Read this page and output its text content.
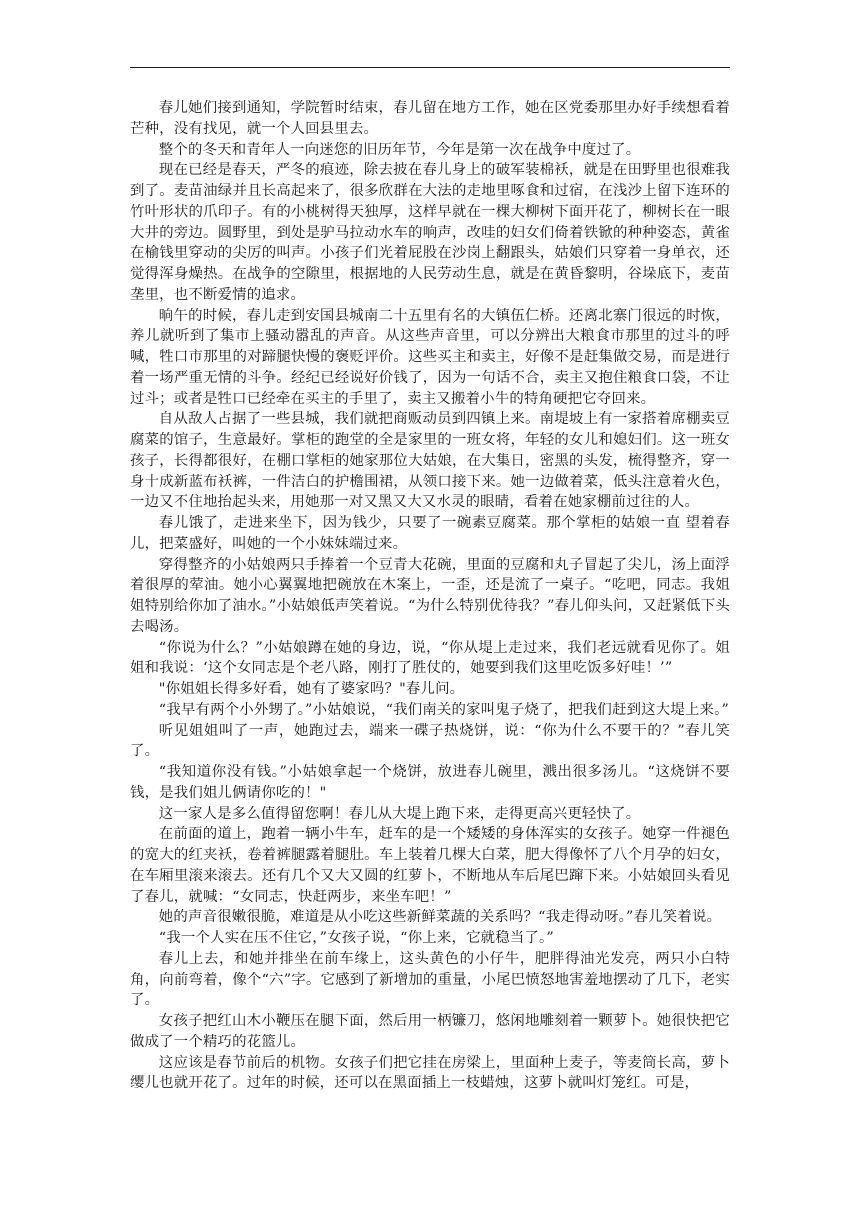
春儿她们接到通知，学院暂时结束，春儿留在地方工作，她在区党委那里办好手续想看着芒种，没有找见，就一个人回县里去。

整个的冬天和青年人一向迷您的旧历年节，今年是第一次在战争中度过了。

现在已经是春天，严冬的痕迹，除去披在春儿身上的破军装棉袄，就是在田野里也很难我到了。麦苗油绿并且长高起来了，很多欣群在大法的走地里啄食和过宿，在浅沙上留下连环的竹叶形状的爪印子。有的小桃树得天独厚，这样早就在一棵大柳树下面开花了，柳树长在一眼大井的旁边。圆野里，到处是驴马拉动水车的响声，改哇的妇女们倚着铁锨的种种姿态，黄雀在榆钱里穿动的尖厉的叫声。小孩子们光着屁股在沙岗上翻跟头，姑娘们只穿着一身单衣，还觉得浑身燥热。在战争的空隙里，根据地的人民劳动生息，就是在黄昏黎明，谷垛底下，麦苗垄里，也不断爱情的追求。

晌午的时候，春儿走到安国县城南二十五里有名的大镇伍仁桥。还离北寨门很远的时恢，养儿就听到了集市上骚动嚣乱的声音。从这些声音里，可以分辨出大粮食市那里的过斗的呼喊，牲口市那里的对蹄腿快慢的褒贬评价。这些买主和卖主，好像不是赶集做交易，而是进行着一场严重无情的斗争。经纪已经说好价钱了，因为一句话不合，卖主又抱住粮食口袋，不让过斗；或者是牲口已经牵在买主的手里了，卖主又搬着小牛的特角硬把它夺回来。

自从敌人占据了一些县城，我们就把商贩动员到四镇上来。南堤坡上有一家搭着席棚卖豆腐菜的馆子，生意最好。掌柜的跑堂的全是家里的一班女将，年轻的女儿和媳妇们。这一班女孩子，长得都很好，在棚口掌柜的她家那位大姑娘，在大集日，密黑的头发，梳得整齐，穿一身十成新蓝布袄裤，一件洁白的护檐围裙，从领口接下来。她一边做着菜，低头注意着火色，一边又不住地抬起头来，用她那一对又黑又大又水灵的眼睛，看着在她家棚前过往的人。

春儿饿了，走进来坐下，因为钱少，只要了一碗素豆腐菜。那个掌柜的姑娘一直 望着春儿，把菜盛好，叫她的一个小妹妹端过来。

穿得整齐的小姑娘两只手捧着一个豆青大花碗，里面的豆腐和丸子冒起了尖儿，汤上面浮着很厚的荤油。她小心翼翼地把碗放在木案上，一歪，还是流了一桌子。“吃吧，同志。我姐姐特别给你加了油水。”小姑娘低声笑着说。“为什么特别优待我？”春儿仰头问，又赶紧低下头去喝汤。

“你说为什么？”小姑娘蹲在她的身边，说，“你从堤上走过来，我们老远就看见你了。姐姐和我说：‘这个女同志是个老八路，刚打了胜仗的，她要到我们这里吃饭多好哇！’”

"你姐姐长得多好看，她有了婆家吗？"春儿问。

“我早有两个小外甥了。”小姑娘说，“我们南关的家叫鬼子烧了，把我们赶到这大堤上来。”

听见姐姐叫了一声，她跑过去，端来一碟子热烧饼，说：“你为什么不要干的？”春儿笑了。

“我知道你没有钱。”小姑娘拿起一个烧饼，放进春儿碗里，溅出很多汤儿。“这烧饼不要钱，是我们姐儿俩请你吃的！"

这一家人是多么值得留您啊！春儿从大堤上跑下来，走得更高兴更轻快了。

在前面的道上，跑着一辆小牛车，赶车的是一个矮矮的身体浑实的女孩子。她穿一件褪色的宽大的红夹袄，卷着裤腿露着腿肚。车上装着几棵大白菜，肥大得像怀了八个月孕的妇女，在车厢里滚来滚去。还有几个又大又圆的红萝卜，不断地从车后尾巴蹿下来。小姑娘回头看见了春儿，就喊：“女同志，快赶两步，来坐车吧！”

她的声音很嫩很脆，难道是从小吃这些新鲜菜蔬的关系吗？“我走得动呀。”春儿笑着说。

“我一个人实在压不住它，”女孩子说，“你上来，它就稳当了。”

春儿上去，和她并排坐在前车缘上，这头黄色的小仔牛，肥胖得油光发亮，两只小白特角，向前弯着，像个“六”字。它感到了新增加的重量，小尾巴愤怒地害羞地摆动了几下，老实了。

女孩子把红山木小鞭压在腿下面，然后用一柄镰刀，悠闲地雕刻着一颗萝卜。她很快把它做成了一个精巧的花篮儿。

这应该是春节前后的机物。女孩子们把它挂在房梁上，里面种上麦子，等麦筒长高，萝卜缨儿也就开花了。过年的时候，还可以在黑面插上一枝蜡烛，这萝卜就叫灯笼红。可是，
